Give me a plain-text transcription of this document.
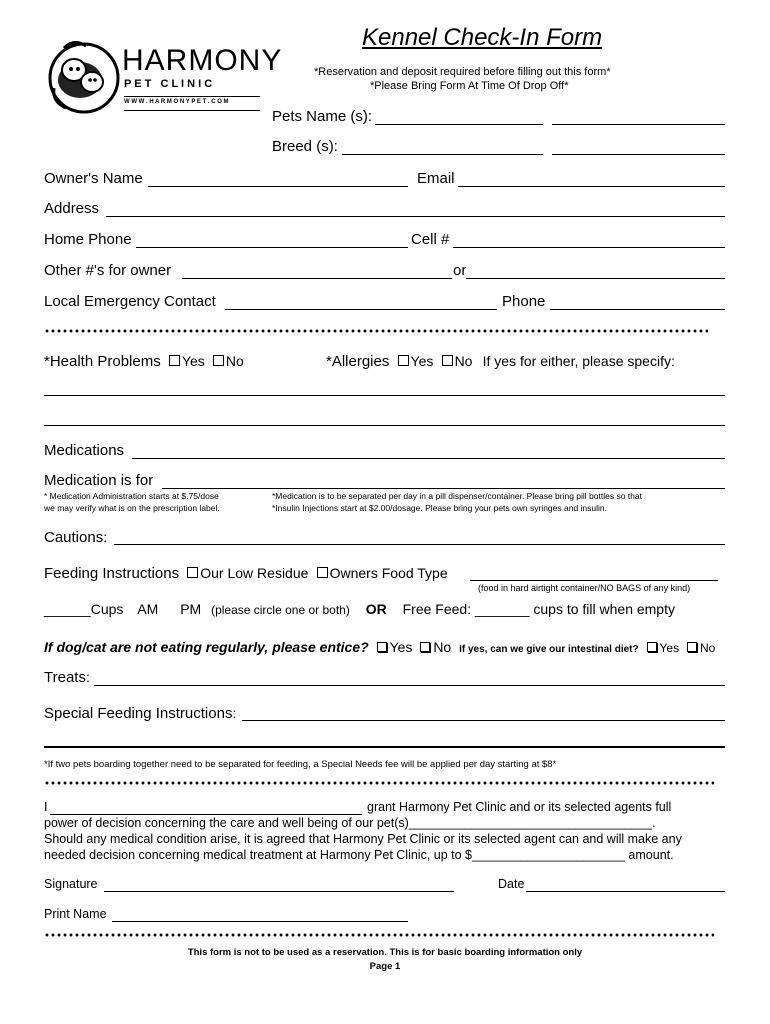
HARMONY
P E T   C L I N I C
W W W . H A R M O N Y P E T . C O M
Kennel Check-In Form
*Reservation and deposit required before filling out this form*
*Please Bring Form At Time Of Drop Off*
Pets Name (s):
Breed (s):
Owner's Name	Email
Address
Home Phone	Cell #
Other #'s for owner	or
Local Emergency Contact	Phone
*Health Problems Yes No	*Allergies Yes No If yes for either, please specify:
Medications
Medication is for
* Medication Administration starts at $.75/dose
we may verify what is on the prescription label.
*Medication is to be separated per day in a pill dispenser/container. Please bring pill bottles so that
*Insulin Injections start at $2.00/dosage. Please bring your pets own syringes and insulin.
Cautions:
Feeding Instructions Our Low Residue Owners Food Type
(food in hard airtight container/NO BAGS of any kind)
______Cups AM PM (please circle one or both) OR Free Feed: _______ cups to fill when empty
If dog/cat are not eating regularly, please entice? Yes No If yes, can we give our intestinal diet? Yes No
Treats:
Special Feeding Instructions:
*If two pets boarding together need to be separated for feeding, a Special Needs fee will be applied per day starting at $8*
I	grant Harmony Pet Clinic and or its selected agents full
power of decision concerning the care and well being of our pet(s)___________________________________.
Should any medical condition arise, it is agreed that Harmony Pet Clinic or its selected agent can and will make any
needed decision concerning medical treatment at Harmony Pet Clinic, up to $______________________ amount.
Signature	Date
Print Name
This form is not to be used as a reservation. This is for basic boarding information only
Page 1
